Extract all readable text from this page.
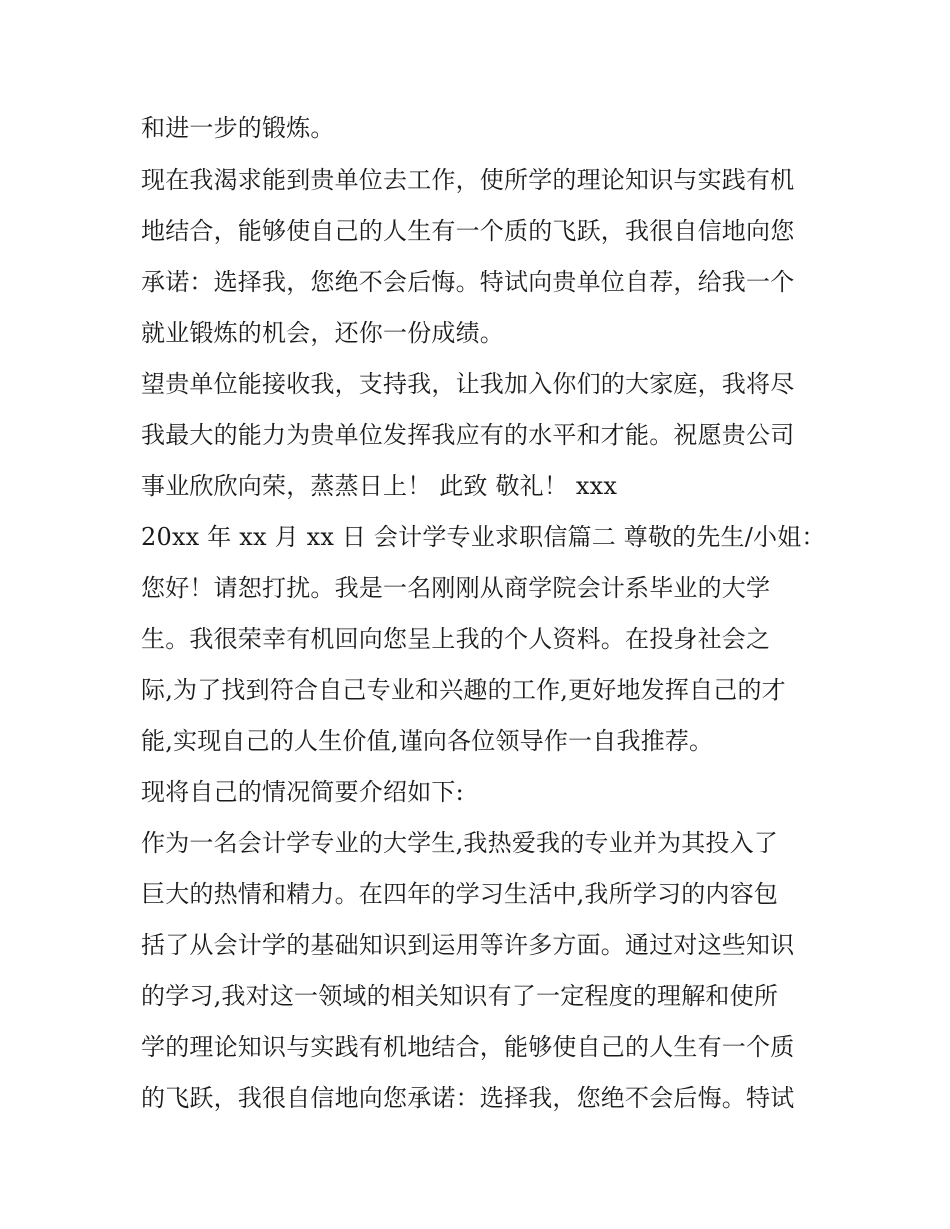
和进一步的锻炼。
现在我渴求能到贵单位去工作，使所学的理论知识与实践有机
地结合，能够使自己的人生有一个质的飞跃，我很自信地向您
承诺：选择我，您绝不会后悔。特试向贵单位自荐，给我一个
就业锻炼的机会，还你一份成绩。
望贵单位能接收我，支持我，让我加入你们的大家庭，我将尽
我最大的能力为贵单位发挥我应有的水平和才能。祝愿贵公司
事业欣欣向荣，蒸蒸日上！ 此致 敬礼！ xxx
20xx 年 xx 月 xx 日 会计学专业求职信篇二 尊敬的先生/小姐：
您好！请恕打扰。我是一名刚刚从商学院会计系毕业的大学
生。我很荣幸有机回向您呈上我的个人资料。在投身社会之
际,为了找到符合自己专业和兴趣的工作,更好地发挥自己的才
能,实现自己的人生价值,谨向各位领导作一自我推荐。
现将自己的情况简要介绍如下:
作为一名会计学专业的大学生,我热爱我的专业并为其投入了
巨大的热情和精力。在四年的学习生活中,我所学习的内容包
括了从会计学的基础知识到运用等许多方面。通过对这些知识
的学习,我对这一领域的相关知识有了一定程度的理解和使所
学的理论知识与实践有机地结合，能够使自己的人生有一个质
的飞跃，我很自信地向您承诺：选择我，您绝不会后悔。特试
